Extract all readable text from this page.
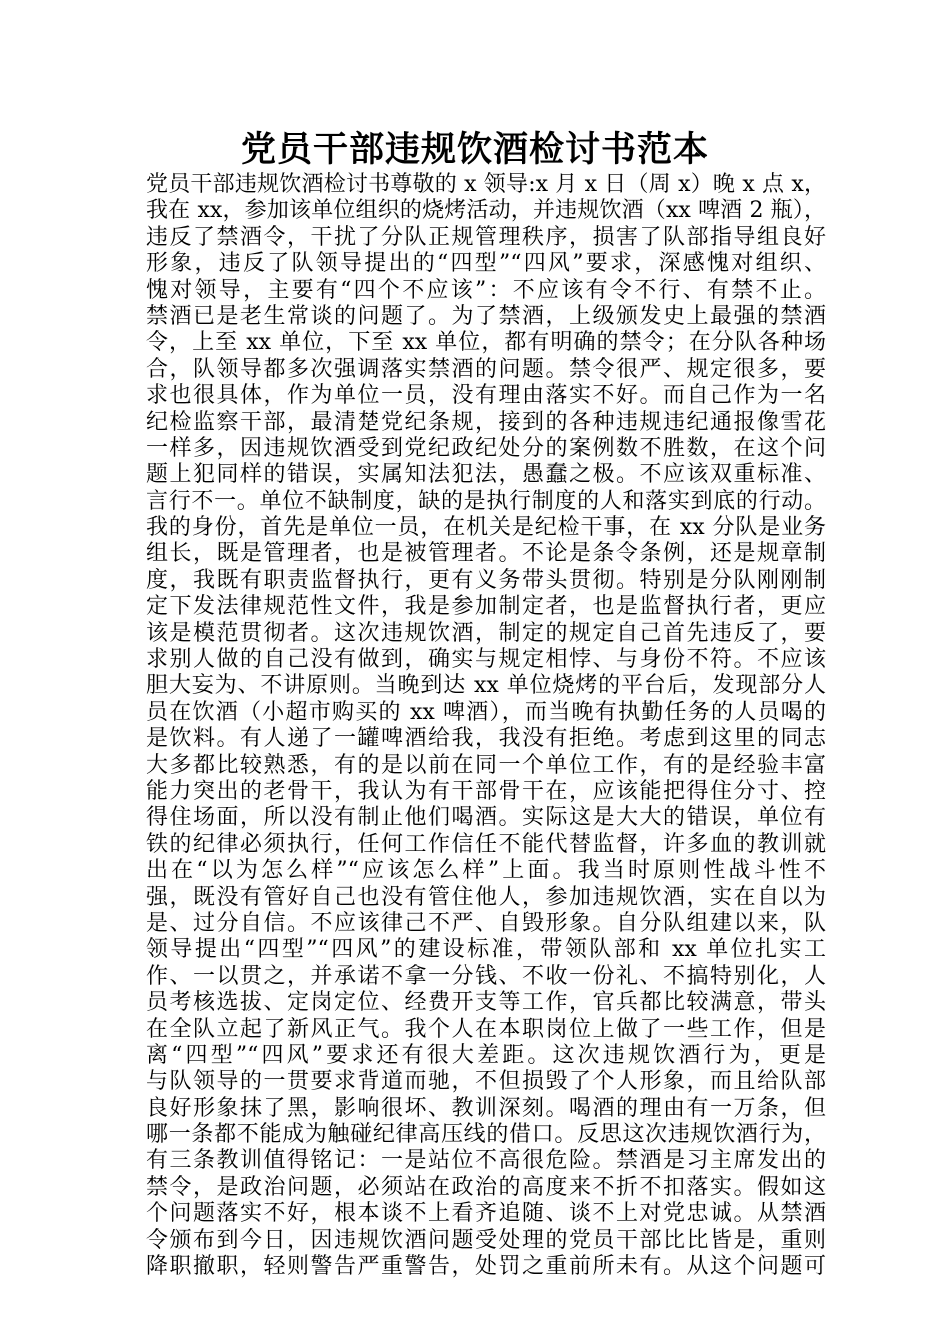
党员干部违规饮酒检讨书范本
党员干部违规饮酒检讨书尊敬的 x 领导:x 月 x 日（周 x）晚 x 点 x，
我在 xx，参加该单位组织的烧烤活动，并违规饮酒（xx 啤酒 2 瓶），
违反了禁酒令，干扰了分队正规管理秩序，损害了队部指导组良好
形象，违反了队领导提出的“四型”“四风”要求，深感愧对组织、
愧对领导，主要有“四个不应该”：不应该有令不行、有禁不止。
禁酒已是老生常谈的问题了。为了禁酒，上级颁发史上最强的禁酒
令，上至 xx 单位，下至 xx 单位，都有明确的禁令；在分队各种场
合，队领导都多次强调落实禁酒的问题。禁令很严、规定很多，要
求也很具体，作为单位一员，没有理由落实不好。而自己作为一名
纪检监察干部，最清楚党纪条规，接到的各种违规违纪通报像雪花
一样多，因违规饮酒受到党纪政纪处分的案例数不胜数，在这个问
题上犯同样的错误，实属知法犯法，愚蠢之极。不应该双重标准、
言行不一。单位不缺制度，缺的是执行制度的人和落实到底的行动。
我的身份，首先是单位一员，在机关是纪检干事，在 xx 分队是业务
组长，既是管理者，也是被管理者。不论是条令条例，还是规章制
度，我既有职责监督执行，更有义务带头贯彻。特别是分队刚刚制
定下发法律规范性文件，我是参加制定者，也是监督执行者，更应
该是模范贯彻者。这次违规饮酒，制定的规定自己首先违反了，要
求别人做的自己没有做到，确实与规定相悖、与身份不符。不应该
胆大妄为、不讲原则。当晚到达 xx 单位烧烤的平台后，发现部分人
员在饮酒（小超市购买的 xx 啤酒），而当晚有执勤任务的人员喝的
是饮料。有人递了一罐啤酒给我，我没有拒绝。考虑到这里的同志
大多都比较熟悉，有的是以前在同一个单位工作，有的是经验丰富
能力突出的老骨干，我认为有干部骨干在，应该能把得住分寸、控
得住场面，所以没有制止他们喝酒。实际这是大大的错误，单位有
铁的纪律必须执行，任何工作信任不能代替监督，许多血的教训就
出在“以为怎么样”“应该怎么样”上面。我当时原则性战斗性不
强，既没有管好自己也没有管住他人，参加违规饮酒，实在自以为
是、过分自信。不应该律己不严、自毁形象。自分队组建以来，队
领导提出“四型”“四风”的建设标准，带领队部和 xx 单位扎实工
作、一以贯之，并承诺不拿一分钱、不收一份礼、不搞特别化，人
员考核选拔、定岗定位、经费开支等工作，官兵都比较满意，带头
在全队立起了新风正气。我个人在本职岗位上做了一些工作，但是
离“四型”“四风”要求还有很大差距。这次违规饮酒行为，更是
与队领导的一贯要求背道而驰，不但损毁了个人形象，而且给队部
良好形象抹了黑，影响很坏、教训深刻。喝酒的理由有一万条，但
哪一条都不能成为触碰纪律高压线的借口。反思这次违规饮酒行为，
有三条教训值得铭记：一是站位不高很危险。禁酒是习主席发出的
禁令，是政治问题，必须站在政治的高度来不折不扣落实。假如这
个问题落实不好，根本谈不上看齐追随、谈不上对党忠诚。从禁酒
令颁布到今日，因违规饮酒问题受处理的党员干部比比皆是，重则
降职撤职，轻则警告严重警告，处罚之重前所未有。从这个问题可
